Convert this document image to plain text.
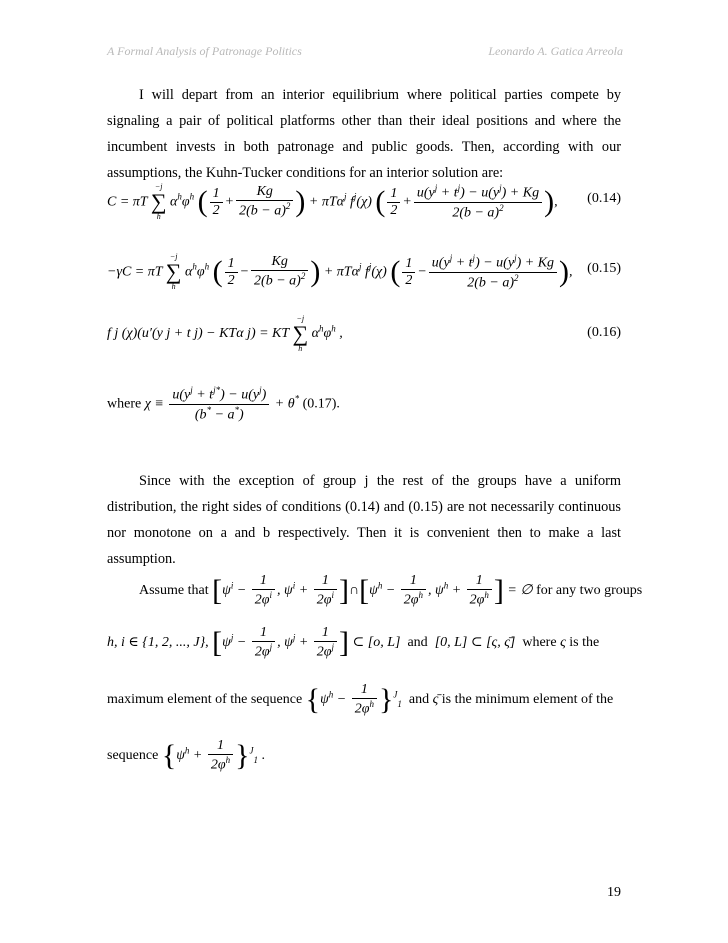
A Formal Analysis of Patronage Politics	Leonardo A. Gatica Arreola

I will depart from an interior equilibrium where political parties compete by signaling a pair of political platforms other than their ideal positions and where the incumbent invests in both patronage and public goods. Then, according with our assumptions, the Kuhn-Tucker conditions for an interior solution are:

C = πT
−j
∑
h
$\alpha^h\varphi^h$ ( $\frac{1}{2} + \frac{Kg}{2(b - a)^2}$ ) + πTα$^j$ $f^j(\chi)$ ( $\frac{1}{2} + \frac{u(y^j + t^j) - u(y^j) + Kg}{2(b - a)^2}$ ), (0.14)
−γC = πT
−j
∑
h
$\alpha^h\varphi^h$ ( $\frac{1}{2} - \frac{Kg}{2(b - a)^2}$ ) + πTα$^j$ $f^j(\chi)$ ( $\frac{1}{2} - \frac{u(y^j + t^j) - u(y^j) + Kg}{2(b - a)^2}$ ), (0.15)
f j (χ)(u′(y j + t j) − KTα j) = KT
−j
∑
h
$\alpha^h\varphi^h$ ,	(0.16)
where $\chi \equiv \frac{u(y^j + t^{j*}) - u(y^j)}{(b^* - a^*)} + \theta^*$ (0.17).

Since with the exception of group j the rest of the groups have a uniform distribution, the right sides of conditions (0.14) and (0.15) are not necessarily continuous nor monotone on a and b respectively. Then it is convenient then to make a last assumption.

Assume that [$\psi^i - \frac{1}{2\varphi^i}$ , $\psi^i + \frac{1}{2\varphi^i}$ ]$\cap[\psi^h - \frac{1}{2\varphi^h}$ , $\psi^h + \frac{1}{2\varphi^h}$ ] = ∅ for any two groups
h, i ∈ {1, 2, ..., J}, [$\psi^j - \frac{1}{2\varphi^j}$ , $\psi^j + \frac{1}{2\varphi^j}$ ] ⊂ [o, L] and [0, L] ⊂ [ς, ς̄] where ς is the
maximum element of the sequence $\{\psi^h - \frac{1}{2\varphi^h} \}^J_1$ and ς̄ is the minimum element of the
sequence $\{\psi^h + \frac{1}{2\varphi^h} \}^J_1$ .
19
